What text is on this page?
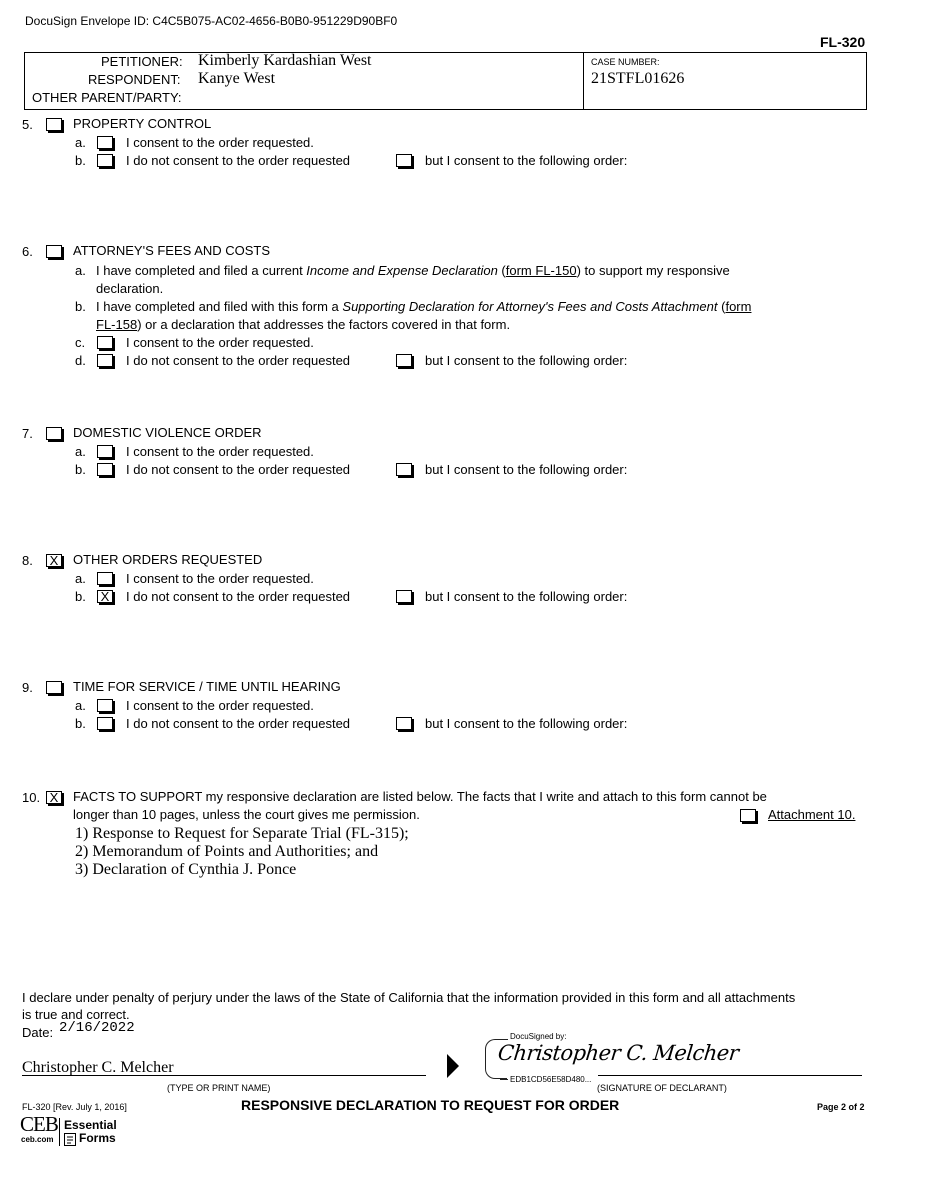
DocuSign Envelope ID: C4C5B075-AC02-4656-B0B0-951229D90BF0
FL-320
PETITIONER: Kimberly Kardashian West
RESPONDENT: Kanye West
OTHER PARENT/PARTY:
CASE NUMBER:
21STFL01626
5.	PROPERTY CONTROL
a.	I consent to the order requested.
b.	I do not consent to the order requested	but I consent to the following order:
6.	ATTORNEY'S FEES AND COSTS
a. I have completed and filed a current Income and Expense Declaration (form FL-150) to support my responsive
declaration.
b. I have completed and filed with this form a Supporting Declaration for Attorney's Fees and Costs Attachment (form
FL-158) or a declaration that addresses the factors covered in that form.
c.	I consent to the order requested.
d.	I do not consent to the order requested	but I consent to the following order:
7.	DOMESTIC VIOLENCE ORDER
a.	I consent to the order requested.
b.	I do not consent to the order requested	but I consent to the following order:
8. X	OTHER ORDERS REQUESTED
a.	I consent to the order requested.
b. X	I do not consent to the order requested	but I consent to the following order:
9.	TIME FOR SERVICE / TIME UNTIL HEARING
a.	I consent to the order requested.
b.	I do not consent to the order requested	but I consent to the following order:
10. X	FACTS TO SUPPORT my responsive declaration are listed below. The facts that I write and attach to this form cannot be
longer than 10 pages, unless the court gives me permission.	Attachment 10.
1) Response to Request for Separate Trial (FL-315);
2) Memorandum of Points and Authorities; and
3) Declaration of Cynthia J. Ponce
I declare under penalty of perjury under the laws of the State of California that the information provided in this form and all attachments
is true and correct.
Date: 2/16/2022
Christopher C. Melcher
(TYPE OR PRINT NAME)
DocuSigned by:
Christopher C. Melcher
EDB1CD56E58D480...
(SIGNATURE OF DECLARANT)
FL-320 [Rev. July 1, 2016]	RESPONSIVE DECLARATION TO REQUEST FOR ORDER	Page 2 of 2
CEB
ceb.com
Essential
Forms
